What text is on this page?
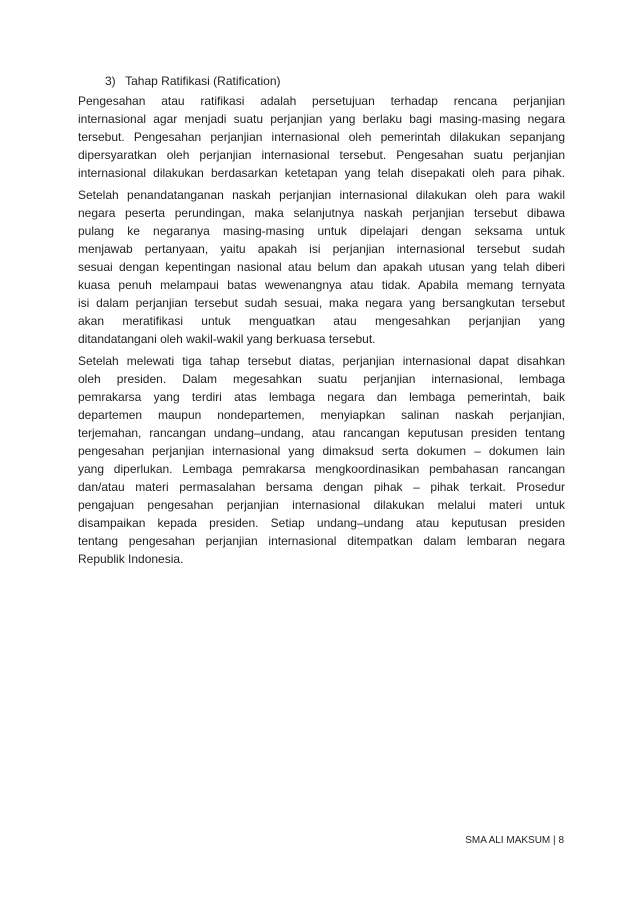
3) Tahap Ratifikasi (Ratification)
Pengesahan atau ratifikasi adalah persetujuan terhadap rencana perjanjian
internasional agar menjadi suatu perjanjian yang berlaku bagi masing-masing negara
tersebut. Pengesahan perjanjian internasional oleh pemerintah dilakukan sepanjang
dipersyaratkan oleh perjanjian internasional tersebut. Pengesahan suatu perjanjian
internasional dilakukan berdasarkan ketetapan yang telah disepakati oleh para pihak.
Setelah penandatanganan naskah perjanjian internasional dilakukan oleh para wakil
negara peserta perundingan, maka selanjutnya naskah perjanjian tersebut dibawa
pulang ke negaranya masing-masing untuk dipelajari dengan seksama untuk
menjawab pertanyaan, yaitu apakah isi perjanjian internasional tersebut sudah
sesuai dengan kepentingan nasional atau belum dan apakah utusan yang telah diberi
kuasa penuh melampaui batas wewenangnya atau tidak. Apabila memang ternyata
isi dalam perjanjian tersebut sudah sesuai, maka negara yang bersangkutan tersebut
akan meratifikasi untuk menguatkan atau mengesahkan perjanjian yang
ditandatangani oleh wakil-wakil yang berkuasa tersebut.
Setelah melewati tiga tahap tersebut diatas, perjanjian internasional dapat disahkan
oleh presiden. Dalam megesahkan suatu perjanjian internasional, lembaga
pemrakarsa yang terdiri atas lembaga negara dan lembaga pemerintah, baik
departemen maupun nondepartemen, menyiapkan salinan naskah perjanjian,
terjemahan, rancangan undang–undang, atau rancangan keputusan presiden tentang
pengesahan perjanjian internasional yang dimaksud serta dokumen – dokumen lain
yang diperlukan. Lembaga pemrakarsa mengkoordinasikan pembahasan rancangan
dan/atau materi permasalahan bersama dengan pihak – pihak terkait. Prosedur
pengajuan pengesahan perjanjian internasional dilakukan melalui materi untuk
disampaikan kepada presiden. Setiap undang–undang atau keputusan presiden
tentang pengesahan perjanjian internasional ditempatkan dalam lembaran negara
Republik Indonesia.
SMA ALI MAKSUM | 8
